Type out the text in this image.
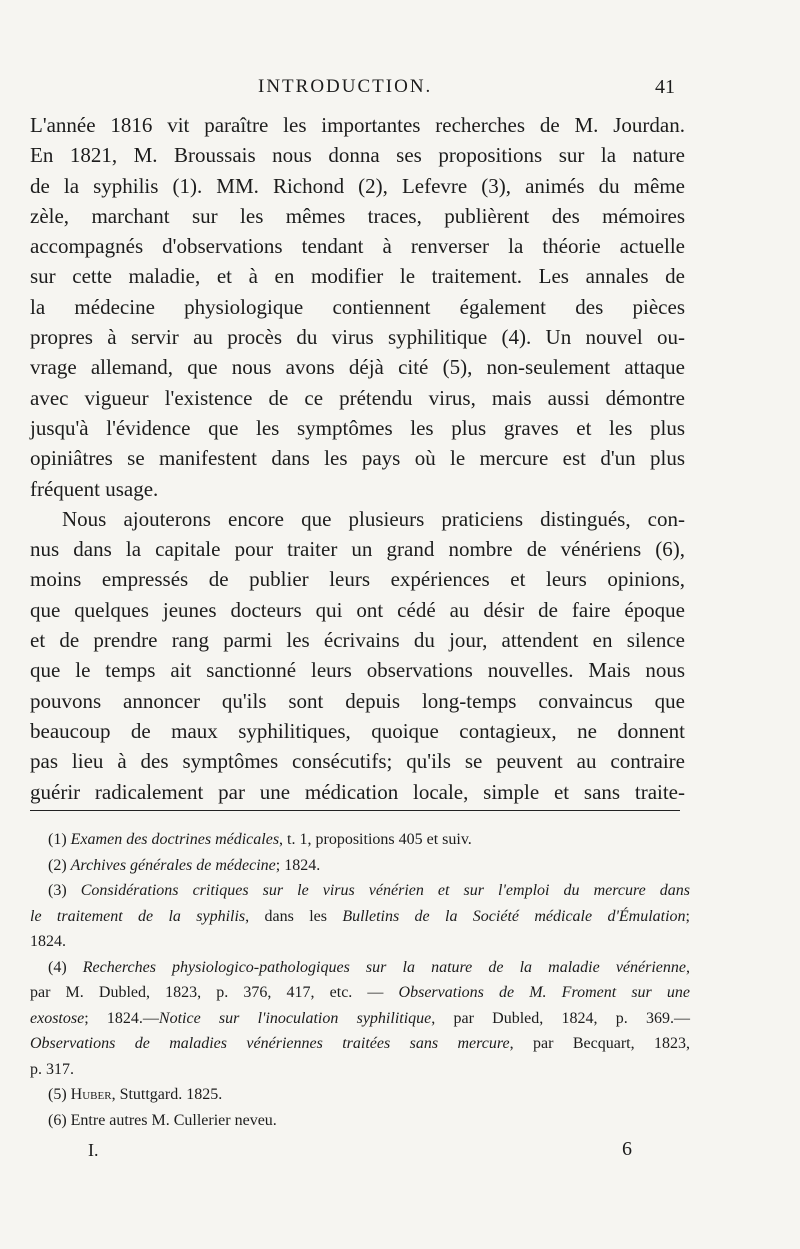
INTRODUCTION.	41

L'année 1816 vit paraître les importantes recherches de M. Jourdan.
En 1821, M. Broussais nous donna ses propositions sur la nature
de la syphilis (1). MM. Richond (2), Lefevre (3), animés du même
zèle, marchant sur les mêmes traces, publièrent des mémoires
accompagnés d'observations tendant à renverser la théorie actuelle
sur cette maladie, et à en modifier le traitement. Les annales de
la médecine physiologique contiennent également des pièces
propres à servir au procès du virus syphilitique (4). Un nouvel ou-
vrage allemand, que nous avons déjà cité (5), non-seulement attaque
avec vigueur l'existence de ce prétendu virus, mais aussi démontre
jusqu'à l'évidence que les symptômes les plus graves et les plus
opiniâtres se manifestent dans les pays où le mercure est d'un plus
fréquent usage.

Nous ajouterons encore que plusieurs praticiens distingués, con-
nus dans la capitale pour traiter un grand nombre de vénériens (6),
moins empressés de publier leurs expériences et leurs opinions,
que quelques jeunes docteurs qui ont cédé au désir de faire époque
et de prendre rang parmi les écrivains du jour, attendent en silence
que le temps ait sanctionné leurs observations nouvelles. Mais nous
pouvons annoncer qu'ils sont depuis long-temps convaincus que
beaucoup de maux syphilitiques, quoique contagieux, ne donnent
pas lieu à des symptômes consécutifs; qu'ils se peuvent au contraire
guérir radicalement par une médication locale, simple et sans traite-

(1) Examen des doctrines médicales, t. 1, propositions 405 et suiv.
(2) Archives générales de médecine; 1824.
(3) Considérations critiques sur le virus vénérien et sur l'emploi du mercure dans
le traitement de la syphilis, dans les Bulletins de la Société médicale d'Émulation;
1824.
(4) Recherches physiologico-pathologiques sur la nature de la maladie vénérienne,
par M. Dubled, 1823, p. 376, 417, etc. — Observations de M. Froment sur une
exostose; 1824.—Notice sur l'inoculation syphilitique, par Dubled, 1824, p. 369.—
Observations de maladies vénériennes traitées sans mercure, par Becquart, 1823,
p. 317.
(5) Huber, Stuttgard. 1825.
(6) Entre autres M. Cullerier neveu.
I.	6
